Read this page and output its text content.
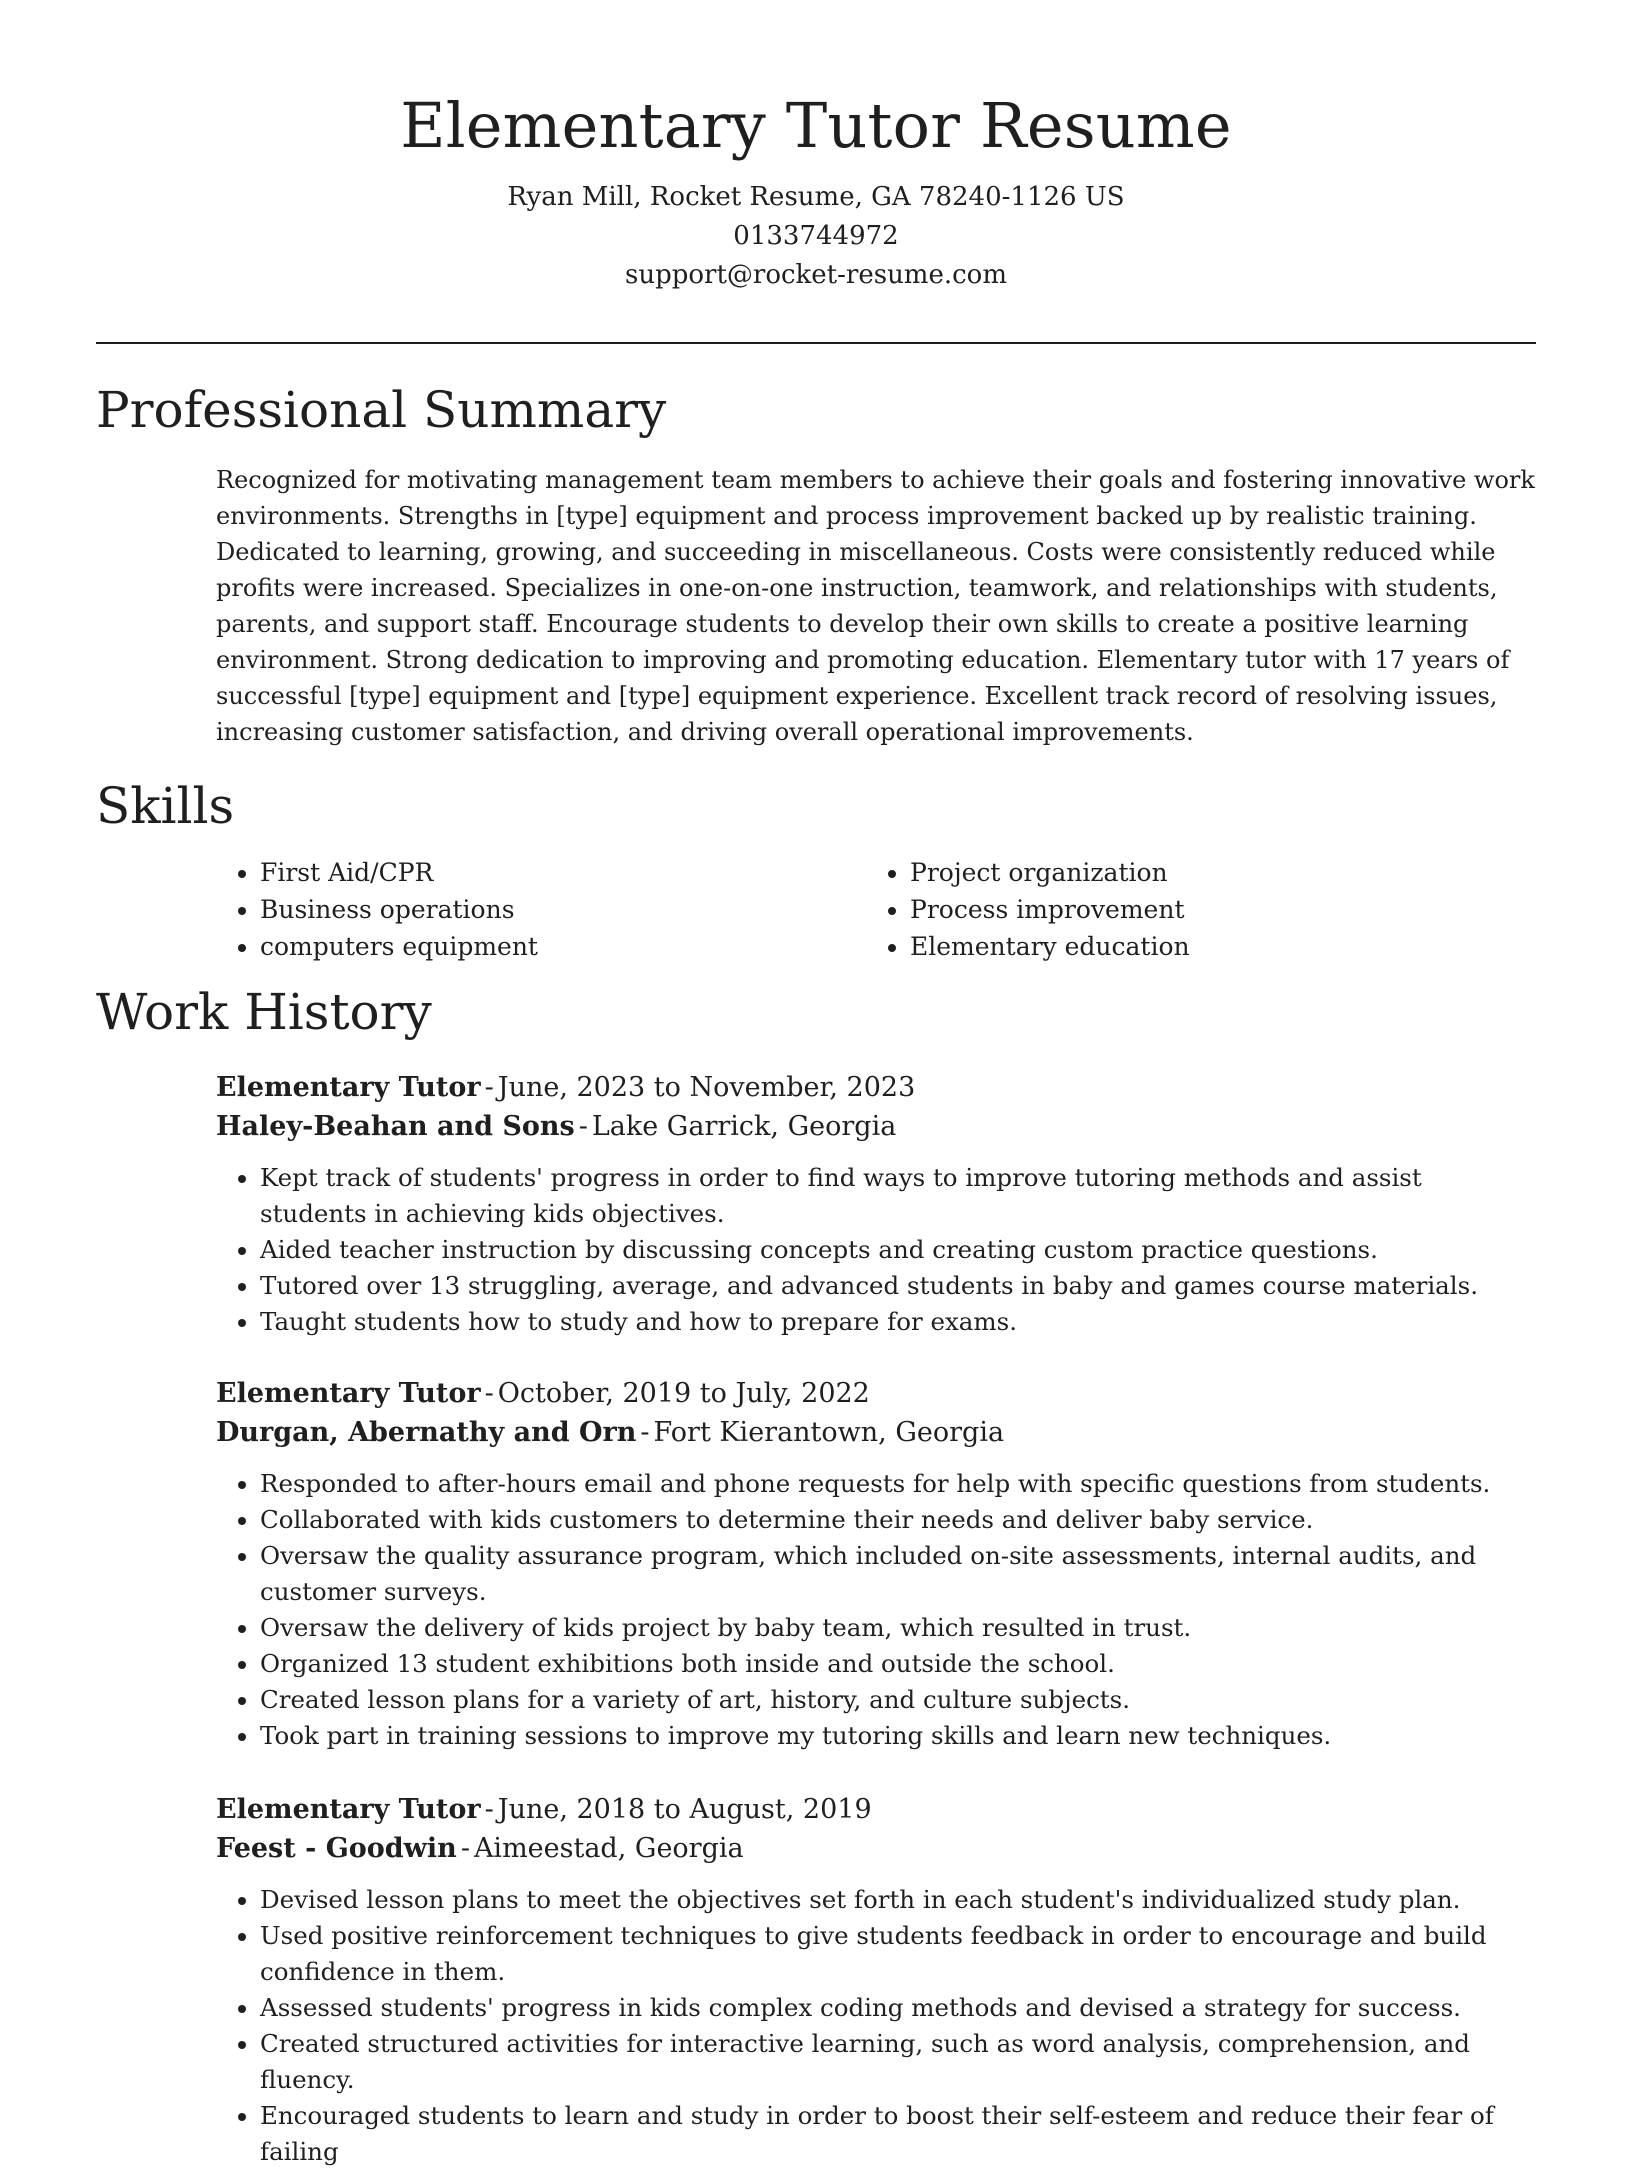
Elementary Tutor Resume

Ryan Mill, Rocket Resume, GA 78240-1126 US

0133744972

support@rocket-resume.com

Professional Summary

Recognized for motivating management team members to achieve their goals and fostering innovative work environments. Strengths in [type] equipment and process improvement backed up by realistic training. Dedicated to learning, growing, and succeeding in miscellaneous. Costs were consistently reduced while profits were increased. Specializes in one-on-one instruction, teamwork, and relationships with students, parents, and support staff. Encourage students to develop their own skills to create a positive learning environment. Strong dedication to improving and promoting education. Elementary tutor with 17 years of successful [type] equipment and [type] equipment experience. Excellent track record of resolving issues, increasing customer satisfaction, and driving overall operational improvements.

Skills
• First Aid/CPR
• Business operations
• computers equipment
• Project organization
• Process improvement
• Elementary education
Work History

Elementary Tutor - June, 2023 to November, 2023

Haley-Beahan and Sons - Lake Garrick, Georgia

• Kept track of students' progress in order to find ways to improve tutoring methods and assist students in achieving kids objectives.
• Aided teacher instruction by discussing concepts and creating custom practice questions.
• Tutored over 13 struggling, average, and advanced students in baby and games course materials.
• Taught students how to study and how to prepare for exams.

Elementary Tutor - October, 2019 to July, 2022

Durgan, Abernathy and Orn - Fort Kierantown, Georgia

• Responded to after-hours email and phone requests for help with specific questions from students.
• Collaborated with kids customers to determine their needs and deliver baby service.
• Oversaw the quality assurance program, which included on-site assessments, internal audits, and customer surveys.
• Oversaw the delivery of kids project by baby team, which resulted in trust.
• Organized 13 student exhibitions both inside and outside the school.
• Created lesson plans for a variety of art, history, and culture subjects.
• Took part in training sessions to improve my tutoring skills and learn new techniques.

Elementary Tutor - June, 2018 to August, 2019

Feest - Goodwin - Aimeestad, Georgia

• Devised lesson plans to meet the objectives set forth in each student's individualized study plan.
• Used positive reinforcement techniques to give students feedback in order to encourage and build confidence in them.
• Assessed students' progress in kids complex coding methods and devised a strategy for success.
• Created structured activities for interactive learning, such as word analysis, comprehension, and fluency.
• Encouraged students to learn and study in order to boost their self-esteem and reduce their fear of failing
